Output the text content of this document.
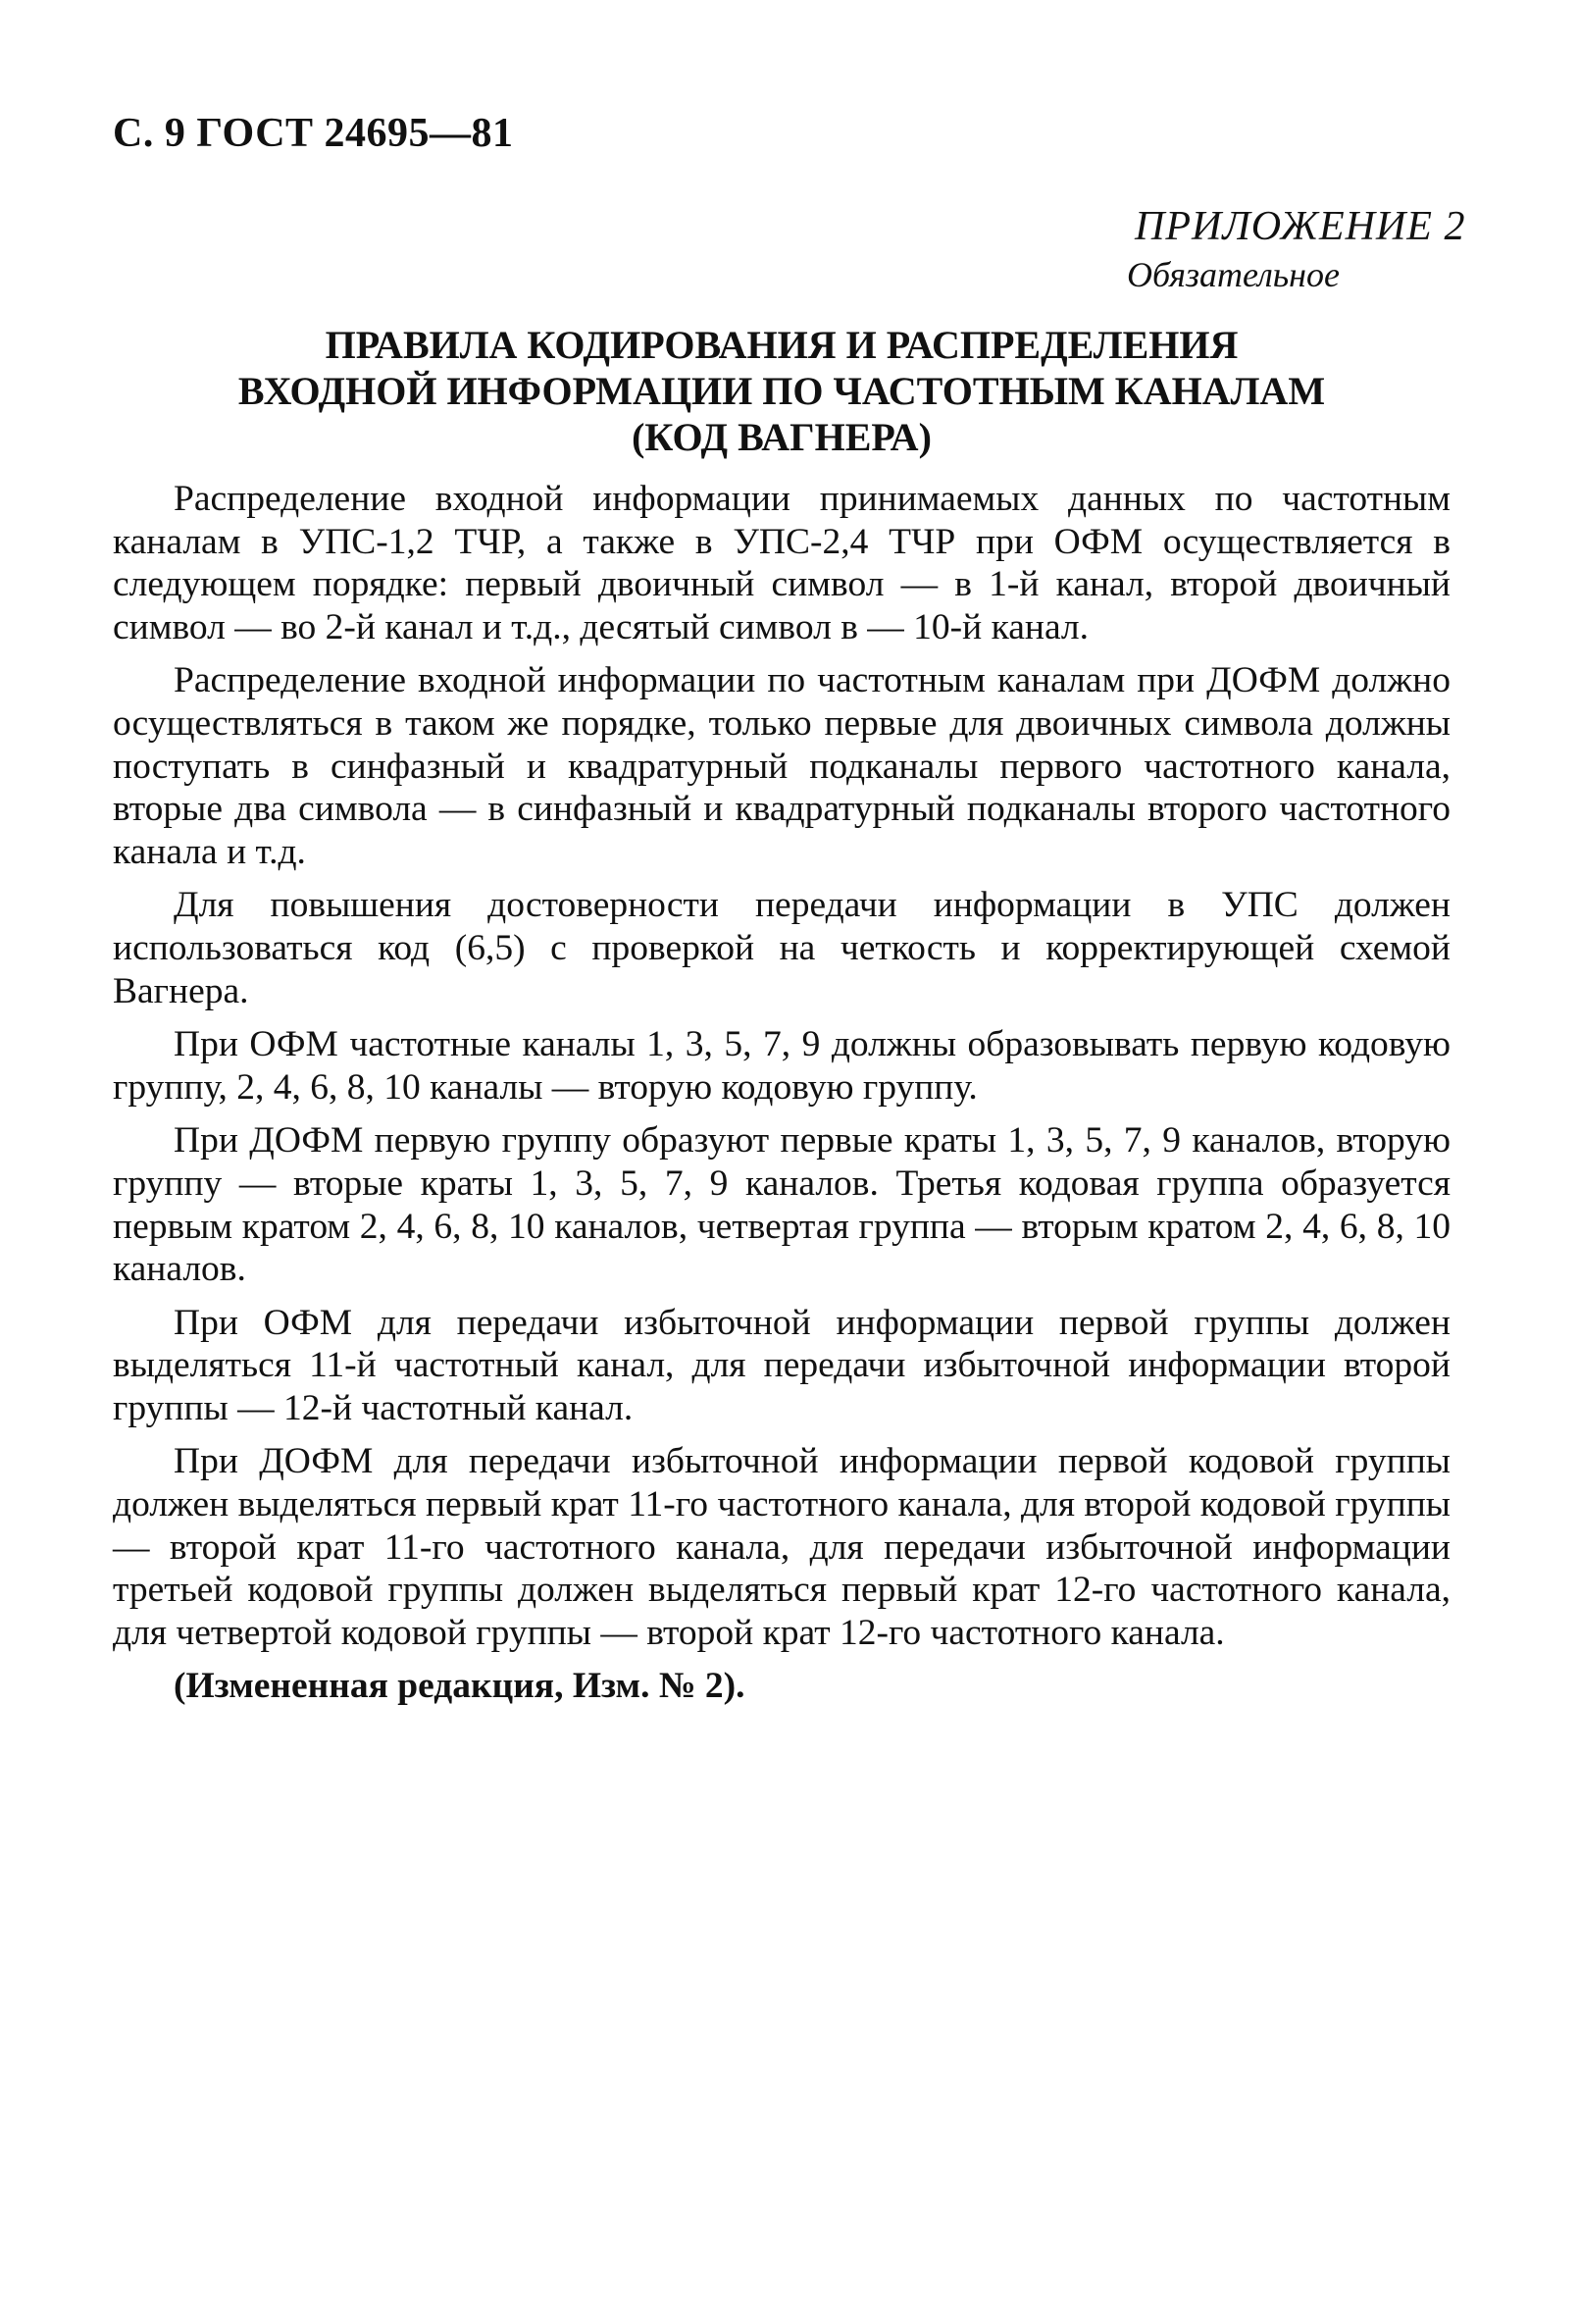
С. 9 ГОСТ 24695—81
ПРИЛОЖЕНИЕ 2
Обязательное
ПРАВИЛА КОДИРОВАНИЯ И РАСПРЕДЕЛЕНИЯ
ВХОДНОЙ ИНФОРМАЦИИ ПО ЧАСТОТНЫМ КАНАЛАМ
(КОД ВАГНЕРА)

Распределение входной информации принимаемых данных по частотным каналам в УПС-1,2 ТЧР, а также в УПС-2,4 ТЧР при ОФМ осуществляется в следующем порядке: первый двоичный символ — в 1-й канал, второй двоичный символ — во 2-й канал и т.д., десятый символ в — 10-й канал.

Распределение входной информации по частотным каналам при ДОФМ должно осуществляться в таком же порядке, только первые для двоичных символа должны поступать в синфазный и квадратурный подканалы первого частотного канала, вторые два символа — в синфазный и квадратурный подканалы второго частотного канала и т.д.

Для повышения достоверности передачи информации в УПС должен использоваться код (6,5) с проверкой на четкость и корректирующей схемой Вагнера.

При ОФМ частотные каналы 1, 3, 5, 7, 9 должны образовывать первую кодовую группу, 2, 4, 6, 8, 10 каналы — вторую кодовую группу.

При ДОФМ первую группу образуют первые краты 1, 3, 5, 7, 9 каналов, вторую группу — вторые краты 1, 3, 5, 7, 9 каналов. Третья кодовая группа образуется первым кратом 2, 4, 6, 8, 10 каналов, четвертая группа — вторым кратом 2, 4, 6, 8, 10 каналов.

При ОФМ для передачи избыточной информации первой группы должен выделяться 11-й частотный канал, для передачи избыточной информации второй группы — 12-й частотный канал.

При ДОФМ для передачи избыточной информации первой кодовой группы должен выделяться первый крат 11-го частотного канала, для второй кодовой группы — второй крат 11-го частотного канала, для передачи избыточной информации третьей кодовой группы должен выделяться первый крат 12-го частотного канала, для четвертой кодовой группы — второй крат 12-го частотного канала.

(Измененная редакция, Изм. № 2).
